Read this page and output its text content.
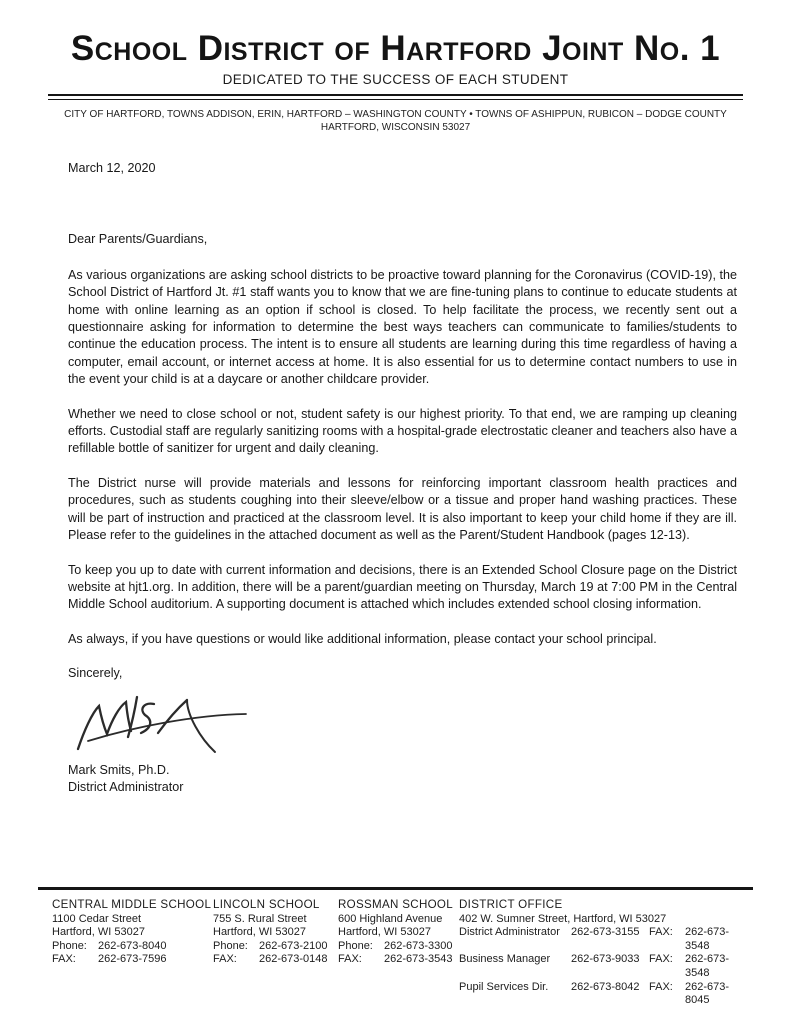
School District of Hartford Joint No. 1
DEDICATED TO THE SUCCESS OF EACH STUDENT
CITY OF HARTFORD, TOWNS ADDISON, ERIN, HARTFORD – WASHINGTON COUNTY • TOWNS OF ASHIPPUN, RUBICON – DODGE COUNTY
HARTFORD, WISCONSIN 53027
March 12, 2020
Dear Parents/Guardians,

As various organizations are asking school districts to be proactive toward planning for the Coronavirus (COVID-19), the School District of Hartford Jt. #1 staff wants you to know that we are fine-tuning plans to continue to educate students at home with online learning as an option if school is closed. To help facilitate the process, we recently sent out a questionnaire asking for information to determine the best ways teachers can communicate to families/students to continue the education process. The intent is to ensure all students are learning during this time regardless of having a computer, email account, or internet access at home. It is also essential for us to determine contact numbers to use in the event your child is at a daycare or another childcare provider.

Whether we need to close school or not, student safety is our highest priority. To that end, we are ramping up cleaning efforts. Custodial staff are regularly sanitizing rooms with a hospital-grade electrostatic cleaner and teachers also have a refillable bottle of sanitizer for urgent and daily cleaning.

The District nurse will provide materials and lessons for reinforcing important classroom health practices and procedures, such as students coughing into their sleeve/elbow or a tissue and proper hand washing practices. These will be part of instruction and practiced at the classroom level. It is also important to keep your child home if they are ill. Please refer to the guidelines in the attached document as well as the Parent/Student Handbook (pages 12-13).

To keep you up to date with current information and decisions, there is an Extended School Closure page on the District website at hjt1.org. In addition, there will be a parent/guardian meeting on Thursday, March 19 at 7:00 PM in the Central Middle School auditorium. A supporting document is attached which includes extended school closing information.

As always, if you have questions or would like additional information, please contact your school principal.

Sincerely,
Mark Smits, Ph.D.
District Administrator
CENTRAL MIDDLE SCHOOL
1100 Cedar Street
Hartford, WI 53027
Phone:	262-673-8040
FAX:	262-673-7596
LINCOLN SCHOOL
755 S. Rural Street
Hartford, WI 53027
Phone:	262-673-2100
FAX:	262-673-0148
ROSSMAN SCHOOL
600 Highland Avenue
Hartford, WI 53027
Phone:	262-673-3300
FAX:	262-673-3543
DISTRICT OFFICE
402 W. Sumner Street, Hartford, WI 53027
District Administrator	262-673-3155 FAX:	262-673-3548
Business Manager	262-673-9033 FAX:	262-673-3548
Pupil Services Dir.	262-673-8042 FAX:	262-673-8045
